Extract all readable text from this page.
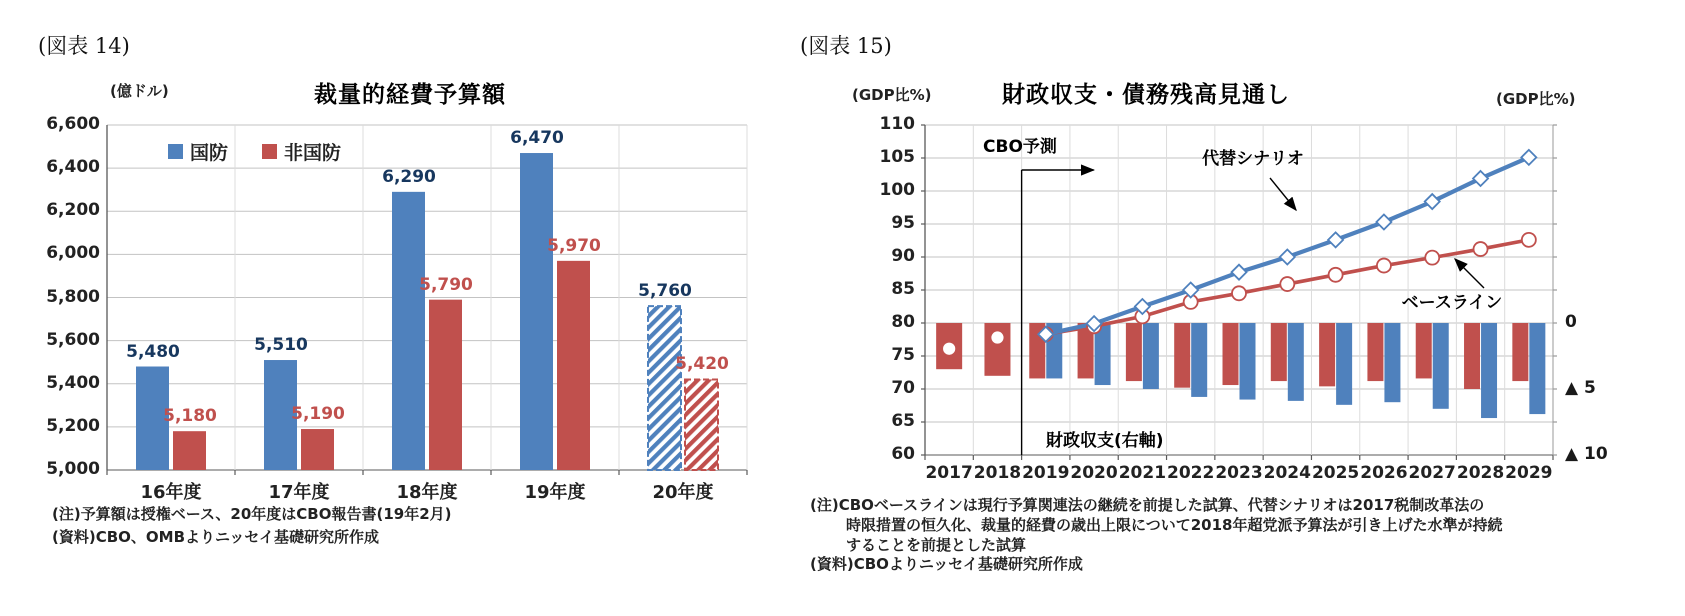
(図表 14)
裁量的経費予算額
(億ドル)
国防	非国防
(注)予算額は授権ベース、20年度はCBO報告書(19年2月)
(資料)CBO、OMBよりニッセイ基礎研究所作成
(図表 15)
財政収支・債務残高見通し
(GDP比%)	(GDP比%)
CBO予測
代替シナリオ
ベースライン
財政収支(右軸)
(注)CBOベースラインは現行予算関連法の継続を前提した試算、代替シナリオは2017税制改革法の
時限措置の恒久化、裁量的経費の歳出上限について2018年超党派予算法が引き上げた水準が持続
することを前提とした試算
(資料)CBOよりニッセイ基礎研究所作成
5,000
5,200
5,400
5,600
5,800
6,000
6,200
6,400
6,600
16年度	17年度	18年度	19年度	20年度
5,480
5,180
5,510
5,190
6,290
5,790
6,470
5,970
5,760
5,420
60
65
70
75
80
85
90
95
100
105
110
0
▲ 5
▲ 10
2017 2018 2019 2020 2021 2022 2023 2024 2025 2026 2027 2028 2029
